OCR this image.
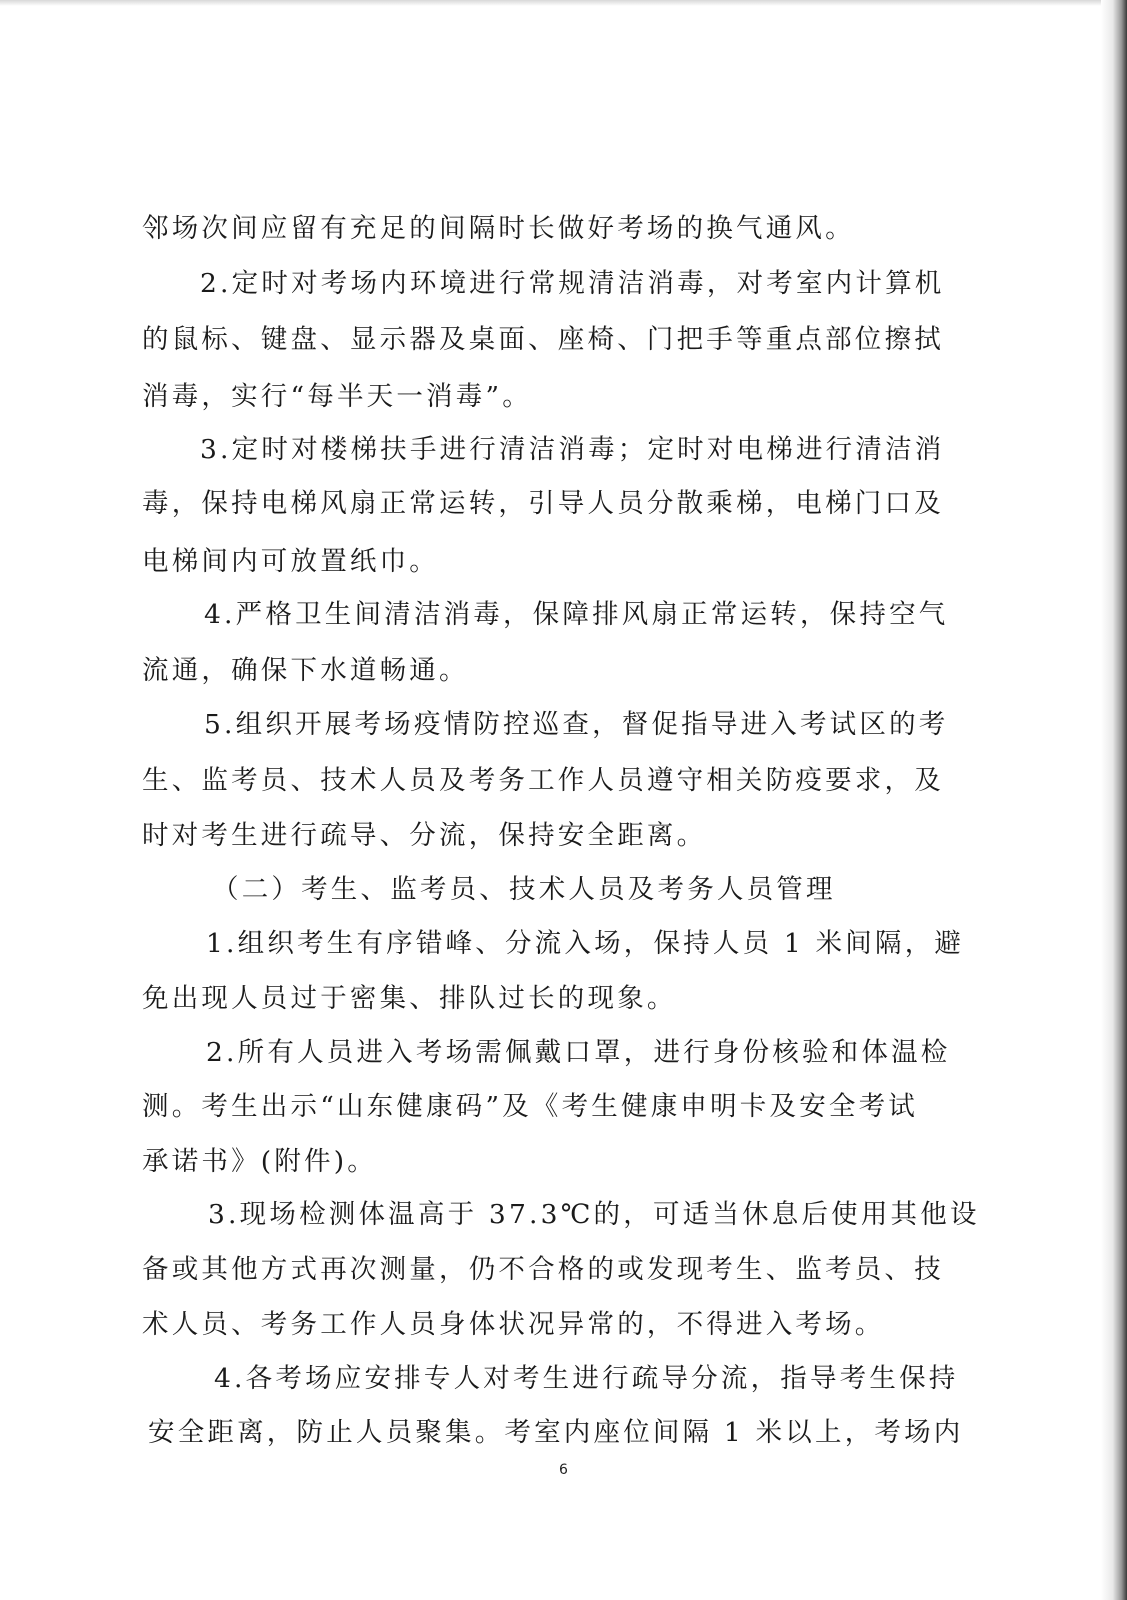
邻场次间应留有充足的间隔时长做好考场的换气通风。
2.定时对考场内环境进行常规清洁消毒，对考室内计算机
的鼠标、键盘、显示器及桌面、座椅、门把手等重点部位擦拭
消毒，实行“每半天一消毒”。
3.定时对楼梯扶手进行清洁消毒；定时对电梯进行清洁消
毒，保持电梯风扇正常运转，引导人员分散乘梯，电梯门口及
电梯间内可放置纸巾。
4.严格卫生间清洁消毒，保障排风扇正常运转，保持空气
流通，确保下水道畅通。
5.组织开展考场疫情防控巡查，督促指导进入考试区的考
生、监考员、技术人员及考务工作人员遵守相关防疫要求，及
时对考生进行疏导、分流，保持安全距离。
（二）考生、监考员、技术人员及考务人员管理
1.组织考生有序错峰、分流入场，保持人员 1 米间隔，避
免出现人员过于密集、排队过长的现象。
2.所有人员进入考场需佩戴口罩，进行身份核验和体温检
测。考生出示“山东健康码”及《考生健康申明卡及安全考试
承诺书》(附件)。
3.现场检测体温高于 37.3℃的，可适当休息后使用其他设
备或其他方式再次测量，仍不合格的或发现考生、监考员、技
术人员、考务工作人员身体状况异常的，不得进入考场。
4.各考场应安排专人对考生进行疏导分流，指导考生保持
安全距离，防止人员聚集。考室内座位间隔 1 米以上，考场内
6
